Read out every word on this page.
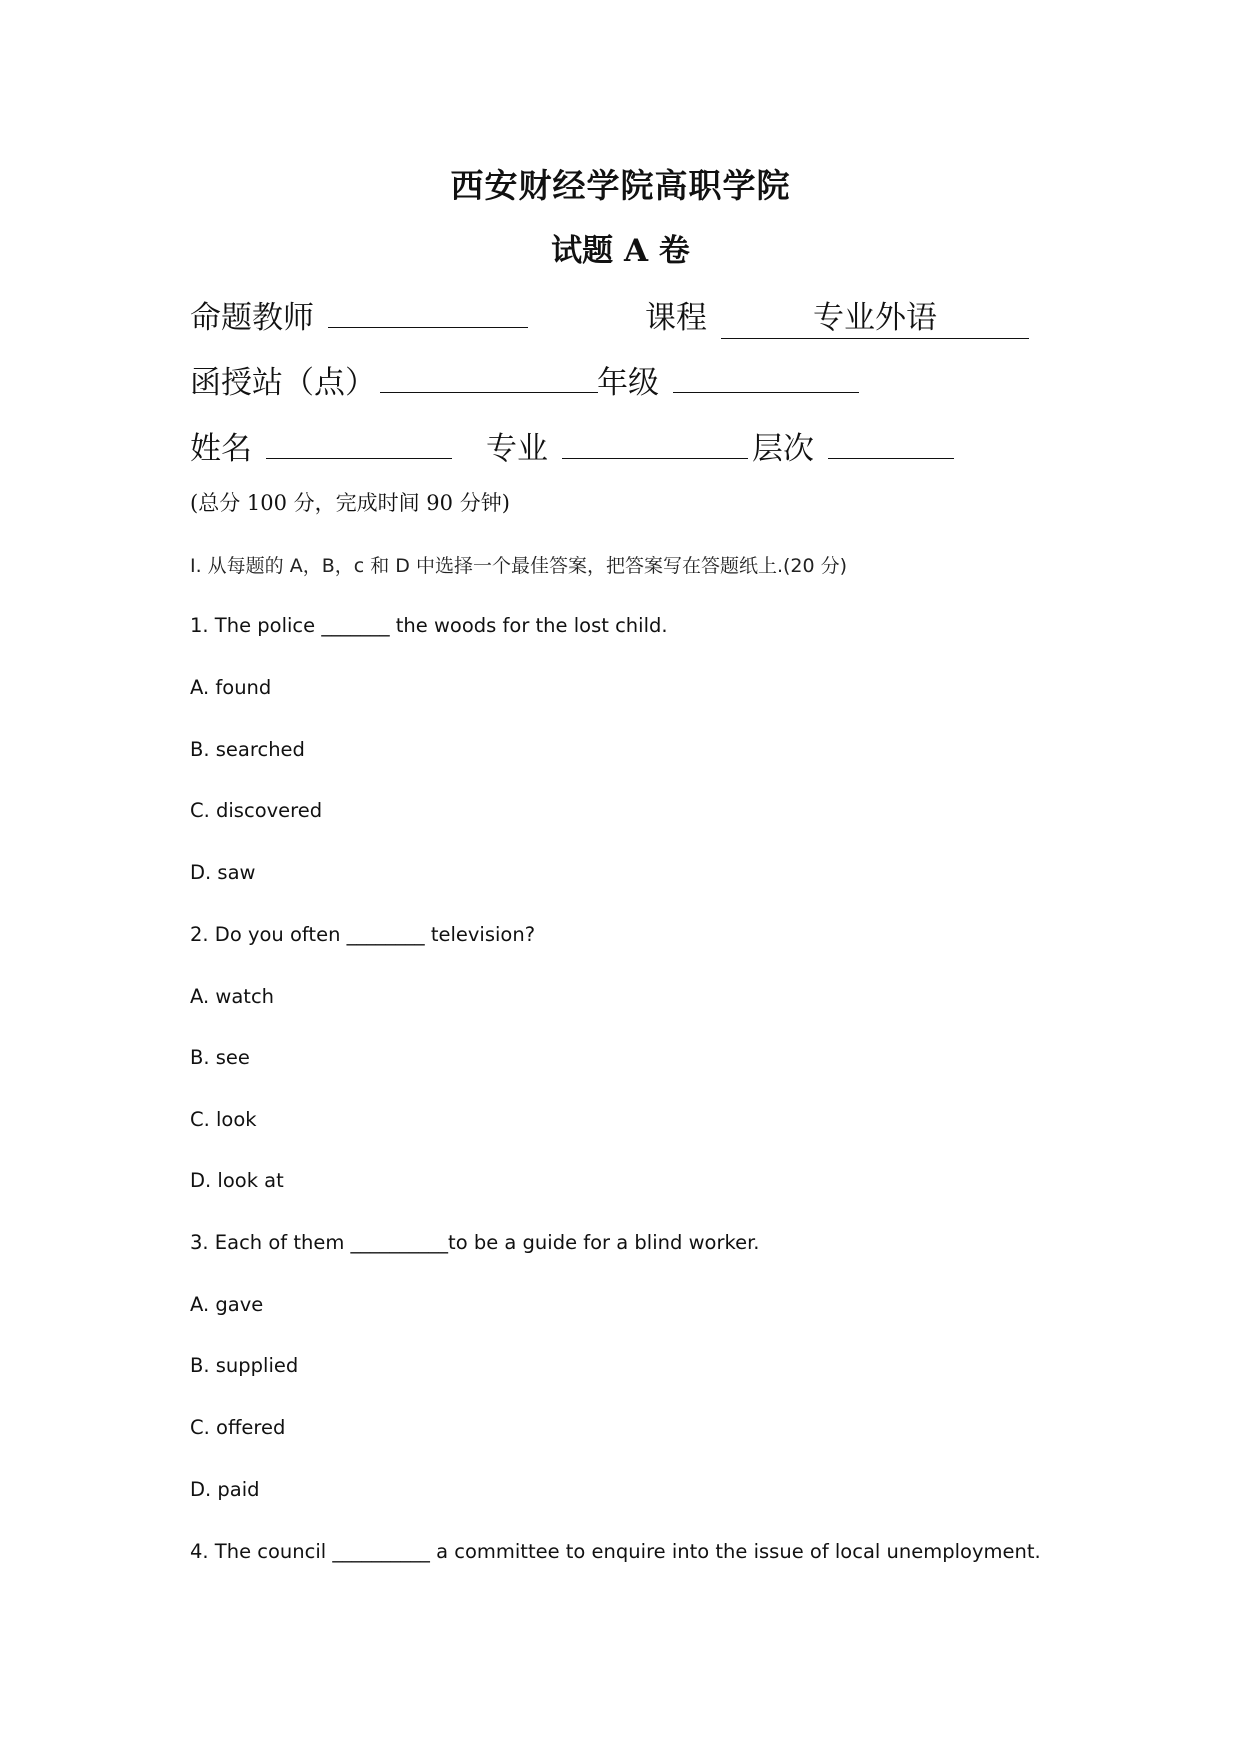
西安财经学院高职学院
试题 A 卷
命题教师	课程	专业外语
函授站（点）	年级
姓名	专业	层次
(总分 100 分，完成时间 90 分钟)
Ⅰ. 从每题的 A，B，c 和 D 中选择一个最佳答案，把答案写在答题纸上.(20 分)
1. The police _______ the woods for the lost child.
A. found
B. searched
C. discovered
D. saw
2. Do you often ________ television?
A. watch
B. see
C. look
D. look at
3. Each of them __________to be a guide for a blind worker.
A. gave
B. supplied
C. offered
D. paid
4. The council __________ a committee to enquire into the issue of local unemployment.
